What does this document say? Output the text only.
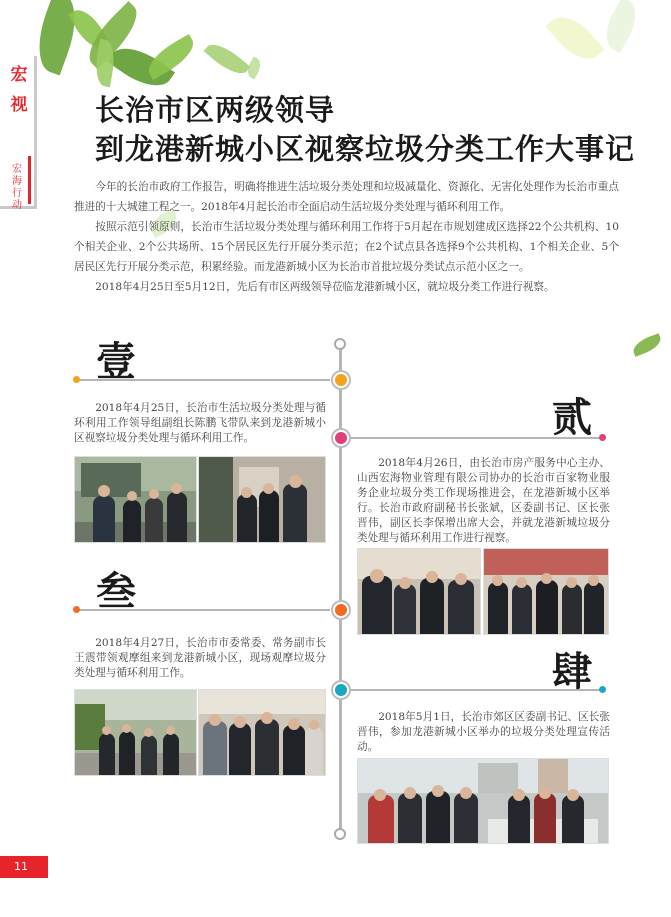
宏视
宏海行动
长治市区两级领导
到龙港新城小区视察垃圾分类工作大事记

今年的长治市政府工作报告，明确将推进生活垃圾分类处理和垃圾减量化、资源化、无害化处理作为长治市重点推进的十大城建工程之一。2018年4月起长治市全面启动生活垃圾分类处理与循环利用工作。

按照示范引领原则，长治市生活垃圾分类处理与循环利用工作将于5月起在市规划建成区选择22个公共机构、10个相关企业、2个公共场所、15个居民区先行开展分类示范；在2个试点县各选择9个公共机构、1个相关企业、5个居民区先行开展分类示范，积累经验。而龙港新城小区为长治市首批垃圾分类试点示范小区之一。

2018年4月25日至5月12日，先后有市区两级领导莅临龙港新城小区，就垃圾分类工作进行视察。

壹
贰
叁
肆

2018年4月25日，长治市生活垃圾分类处理与循环利用工作领导组副组长陈鹏飞带队来到龙港新城小区视察垃圾分类处理与循环利用工作。

2018年4月26日，由长治市房产服务中心主办、山西宏海物业管理有限公司协办的长治市百家物业服务企业垃圾分类工作现场推进会，在龙港新城小区举行。长治市政府副秘书长张斌，区委副书记、区长张晋伟，副区长李保增出席大会，并就龙港新城垃圾分类处理与循环利用工作进行视察。

2018年4月27日，长治市市委常委、常务副市长王震带领观摩组来到龙港新城小区，现场观摩垃圾分类处理与循环利用工作。

2018年5月1日，长治市郊区区委副书记、区长张晋伟，参加龙港新城小区举办的垃圾分类处理宣传活动。

11
